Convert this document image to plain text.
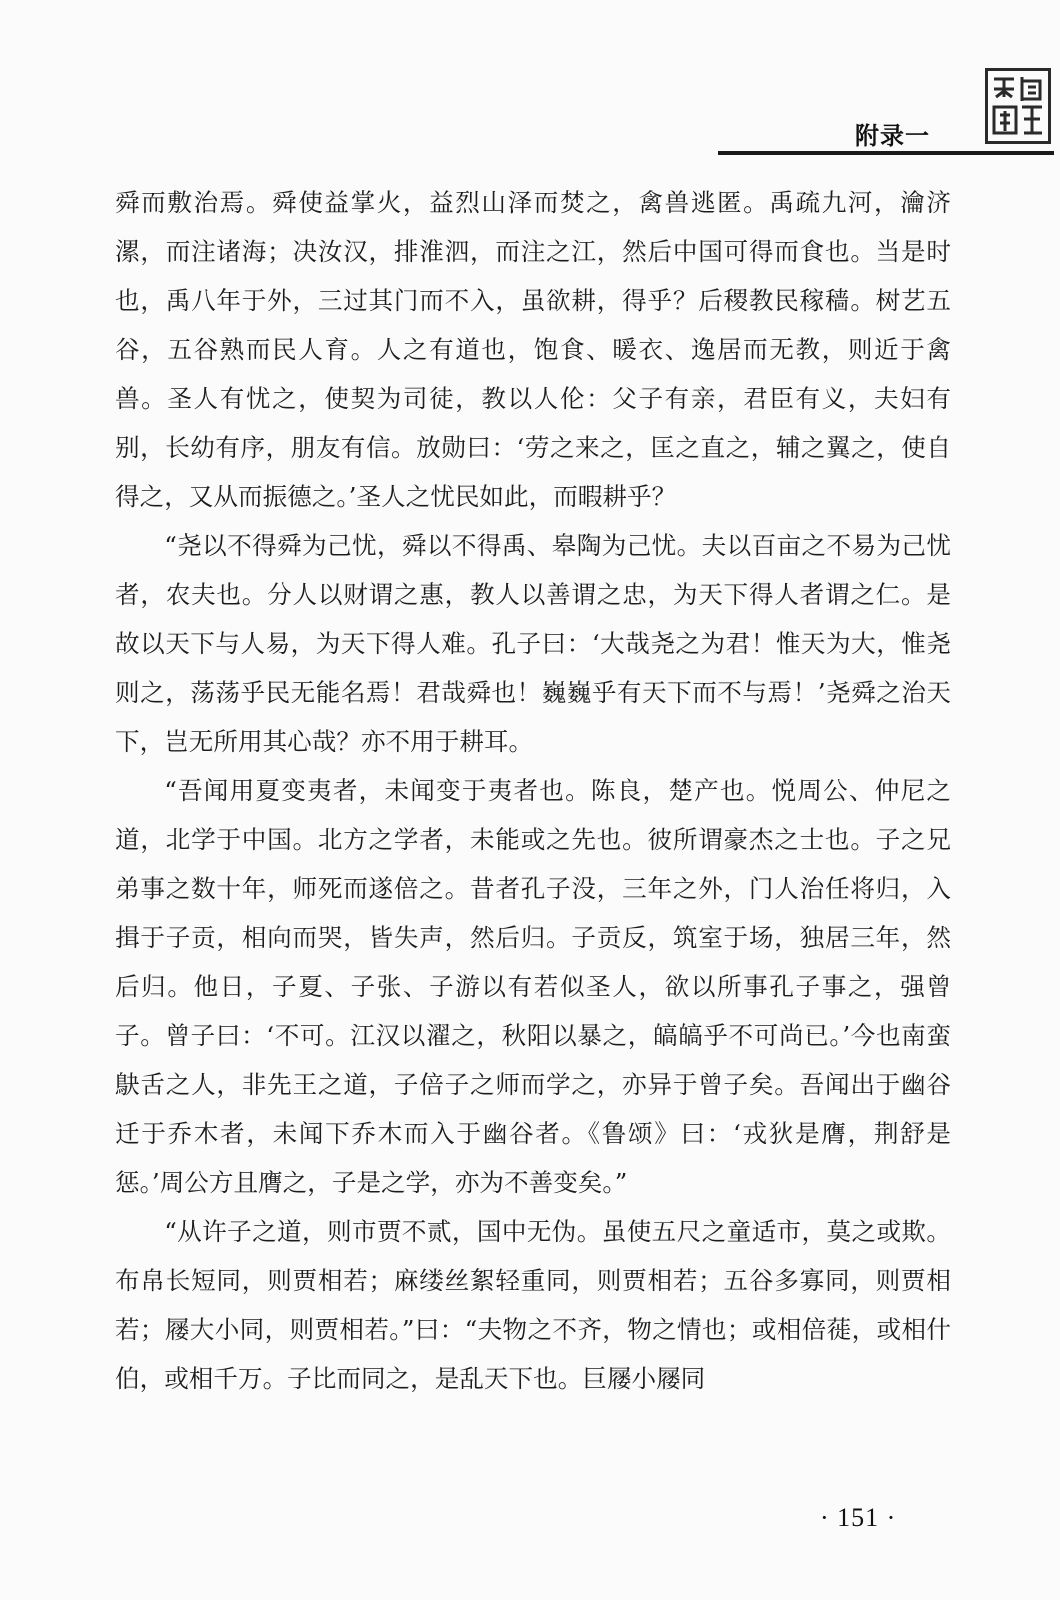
附录一

舜而敷治焉。舜使益掌火，益烈山泽而焚之，禽兽逃匿。禹疏九河，瀹济漯，而注诸海；决汝汉，排淮泗，而注之江，然后中国可得而食也。当是时也，禹八年于外，三过其门而不入，虽欲耕，得乎？后稷教民稼穑。树艺五谷，五谷熟而民人育。人之有道也，饱食、暖衣、逸居而无教，则近于禽兽。圣人有忧之，使契为司徒，教以人伦：父子有亲，君臣有义，夫妇有别，长幼有序，朋友有信。放勋曰：‘劳之来之，匡之直之，辅之翼之，使自得之，又从而振德之。’圣人之忧民如此，而暇耕乎？

“尧以不得舜为己忧，舜以不得禹、皋陶为己忧。夫以百亩之不易为己忧者，农夫也。分人以财谓之惠，教人以善谓之忠，为天下得人者谓之仁。是故以天下与人易，为天下得人难。孔子曰：‘大哉尧之为君！惟天为大，惟尧则之，荡荡乎民无能名焉！君哉舜也！巍巍乎有天下而不与焉！’尧舜之治天下，岂无所用其心哉？亦不用于耕耳。

“吾闻用夏变夷者，未闻变于夷者也。陈良，楚产也。悦周公、仲尼之道，北学于中国。北方之学者，未能或之先也。彼所谓豪杰之士也。子之兄弟事之数十年，师死而遂倍之。昔者孔子没，三年之外，门人治任将归，入揖于子贡，相向而哭，皆失声，然后归。子贡反，筑室于场，独居三年，然后归。他日，子夏、子张、子游以有若似圣人，欲以所事孔子事之，强曾子。曾子曰：‘不可。江汉以濯之，秋阳以暴之，皜皜乎不可尚已。’今也南蛮鴃舌之人，非先王之道，子倍子之师而学之，亦异于曾子矣。吾闻出于幽谷迁于乔木者，未闻下乔木而入于幽谷者。《鲁颂》曰：‘戎狄是膺，荆舒是惩。’周公方且膺之，子是之学，亦为不善变矣。”

“从许子之道，则市贾不贰，国中无伪。虽使五尺之童适市，莫之或欺。布帛长短同，则贾相若；麻缕丝絮轻重同，则贾相若；五谷多寡同，则贾相若；屦大小同，则贾相若。”曰：“夫物之不齐，物之情也；或相倍蓰，或相什伯，或相千万。子比而同之，是乱天下也。巨屦小屦同

· 151 ·
